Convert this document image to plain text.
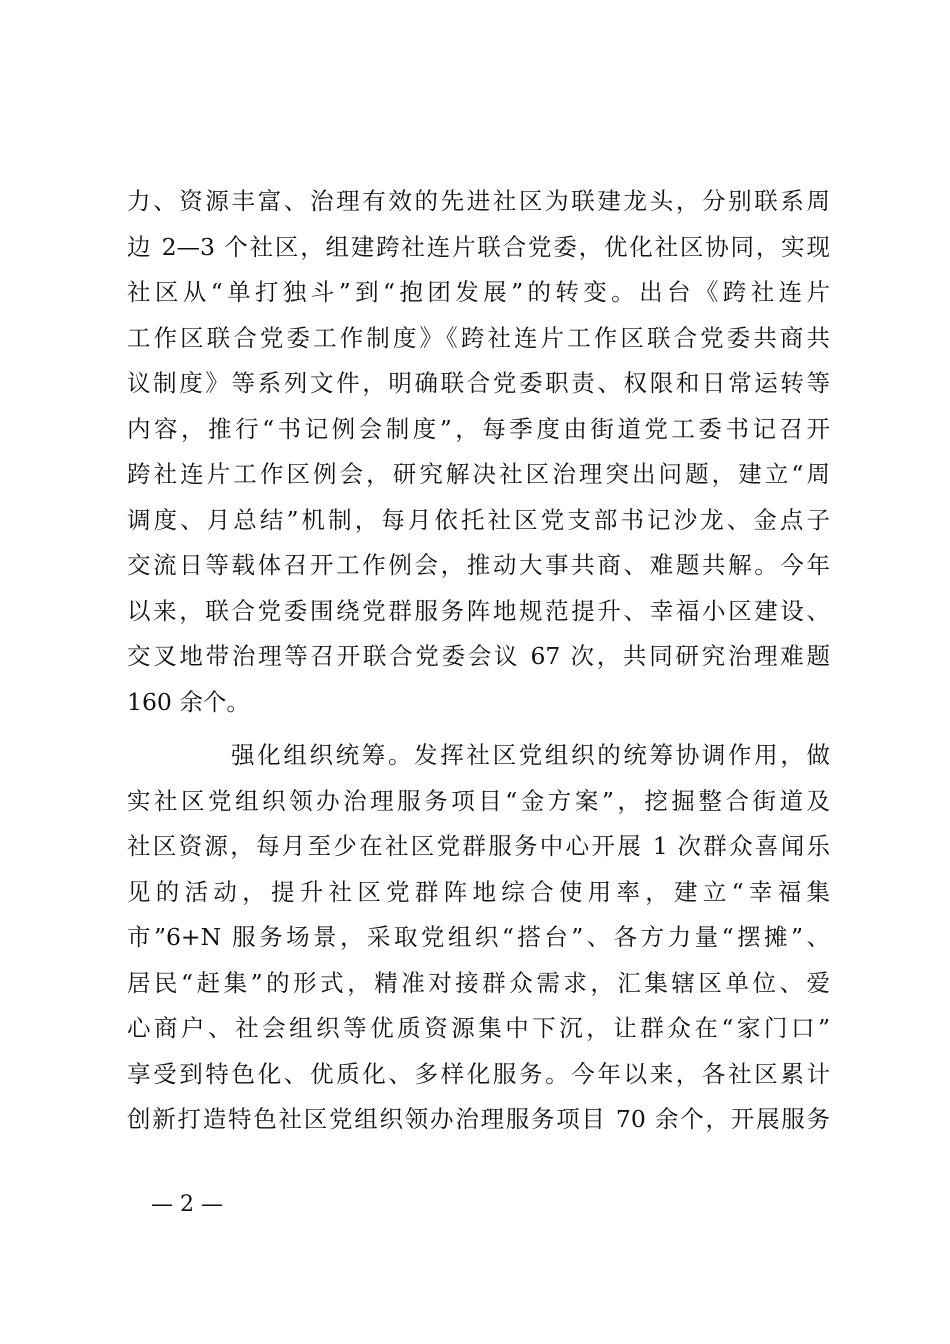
力、资源丰富、治理有效的先进社区为联建龙头，分别联系周
边 2—3 个社区，组建跨社连片联合党委，优化社区协同，实现
社区从“单打独斗”到“抱团发展”的转变。出台《跨社连片
工作区联合党委工作制度》《跨社连片工作区联合党委共商共
议制度》等系列文件，明确联合党委职责、权限和日常运转等
内容，推行“书记例会制度”，每季度由街道党工委书记召开
跨社连片工作区例会，研究解决社区治理突出问题，建立“周
调度、月总结”机制，每月依托社区党支部书记沙龙、金点子
交流日等载体召开工作例会，推动大事共商、难题共解。今年
以来，联合党委围绕党群服务阵地规范提升、幸福小区建设、
交叉地带治理等召开联合党委会议 67 次，共同研究治理难题
160 余个。
强化组织统筹。发挥社区党组织的统筹协调作用，做
实社区党组织领办治理服务项目“金方案”，挖掘整合街道及
社区资源，每月至少在社区党群服务中心开展 1 次群众喜闻乐
见的活动，提升社区党群阵地综合使用率，建立“幸福集
市”6+N 服务场景，采取党组织“搭台”、各方力量“摆摊”、
居民“赶集”的形式，精准对接群众需求，汇集辖区单位、爱
心商户、社会组织等优质资源集中下沉，让群众在“家门口”
享受到特色化、优质化、多样化服务。今年以来，各社区累计
创新打造特色社区党组织领办治理服务项目 70 余个，开展服务
— 2 —
